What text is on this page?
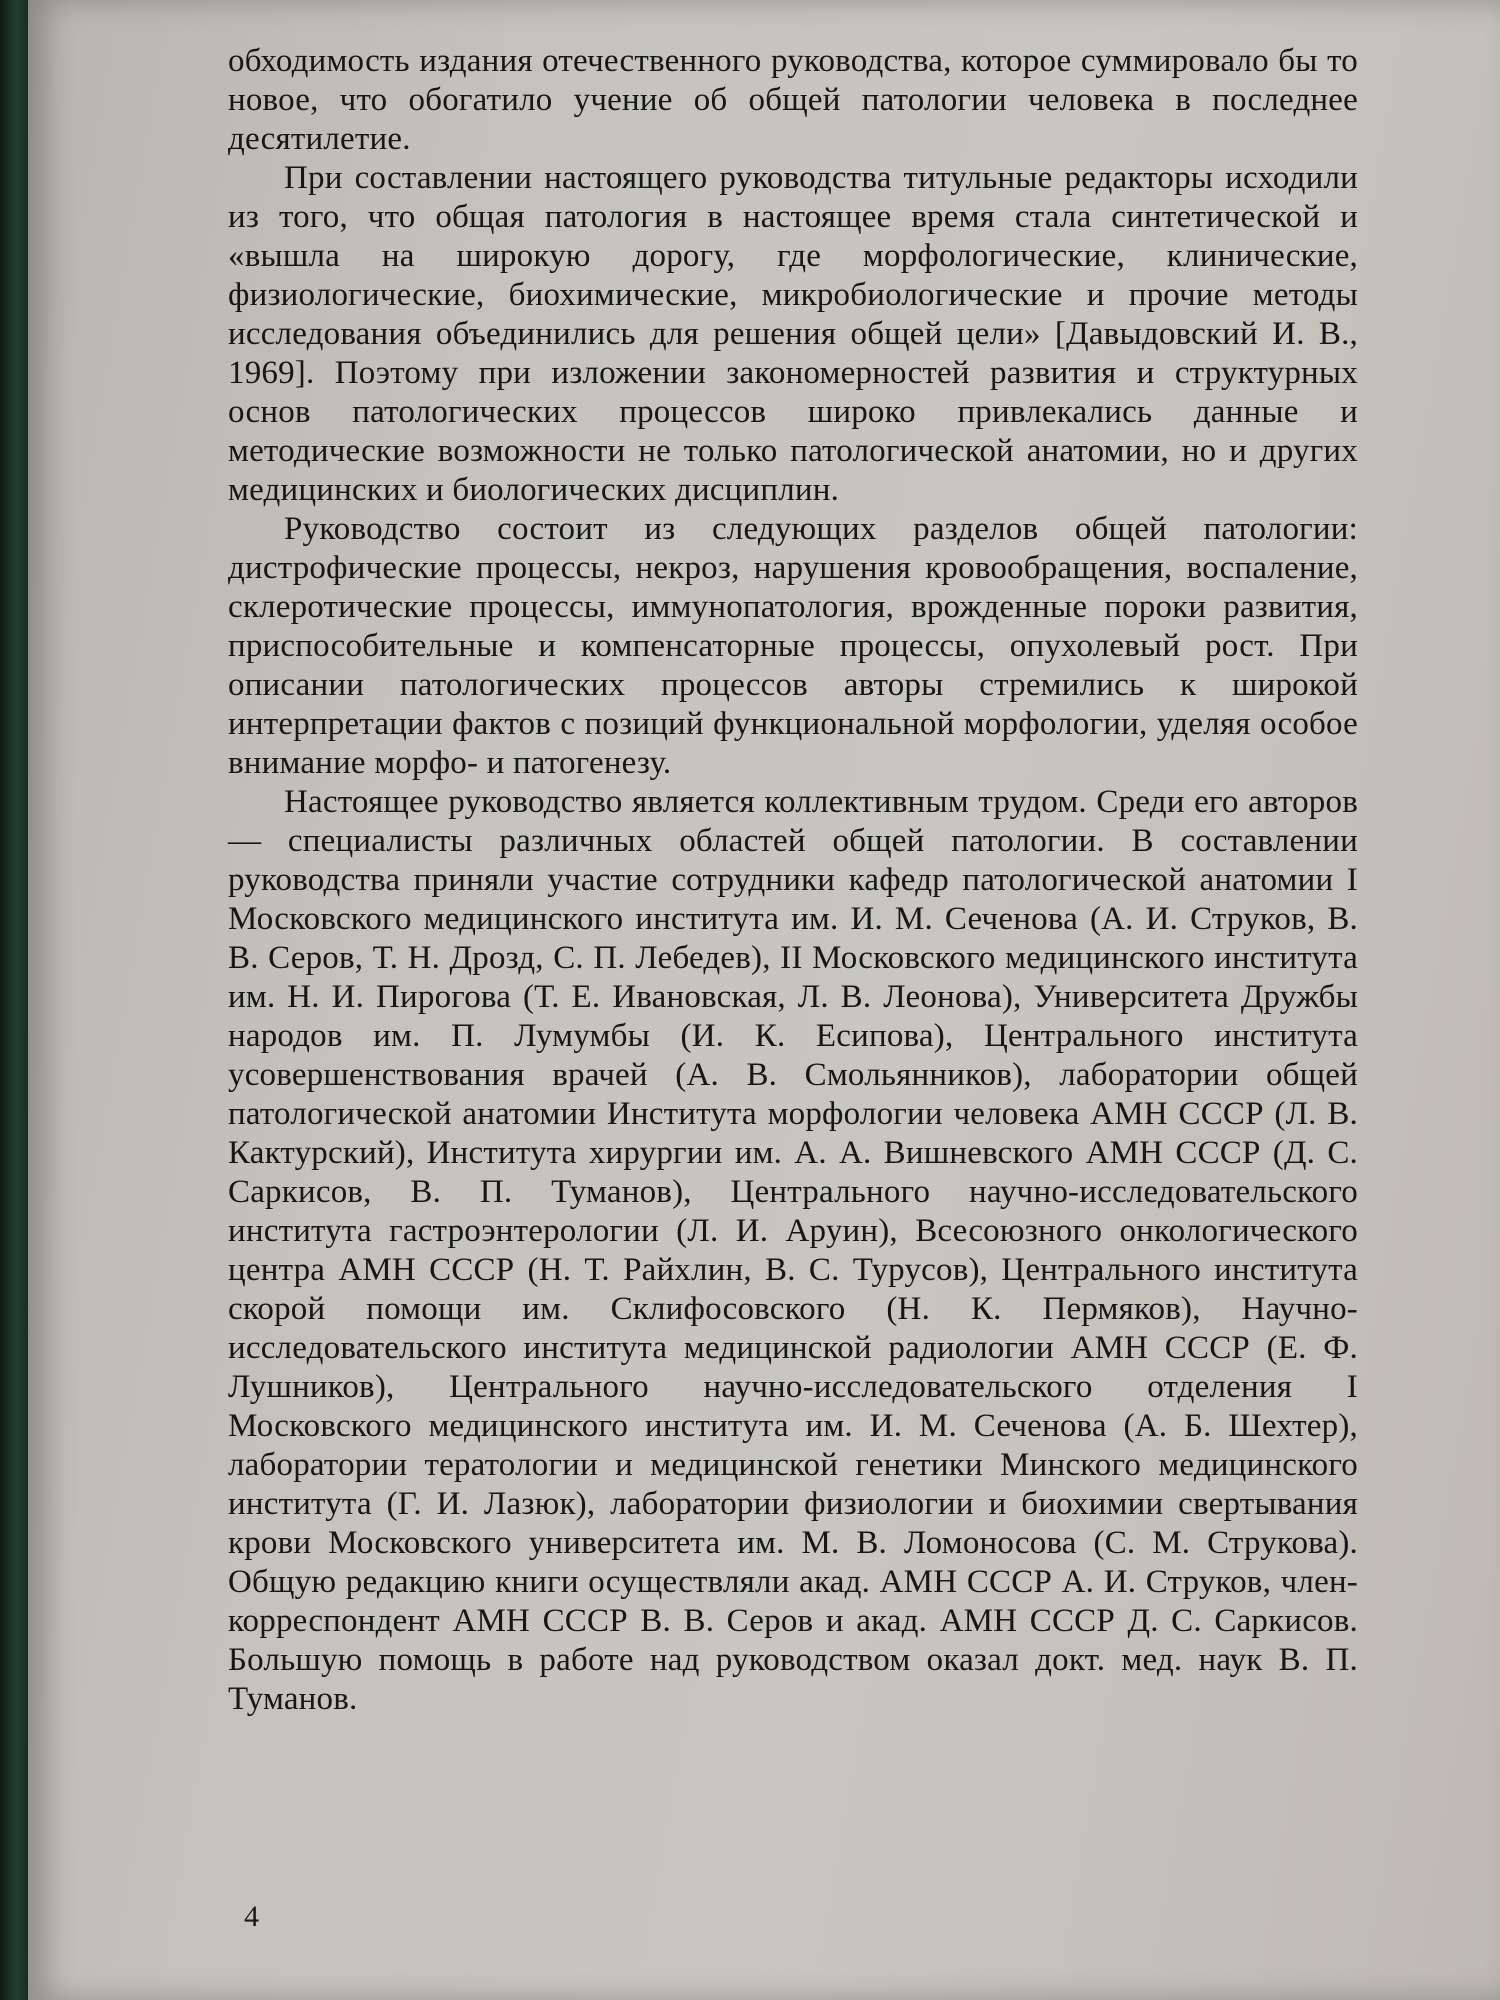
обходимость издания отечественного руководства, которое суммировало бы то новое, что обогатило учение об общей патологии человека в последнее десятилетие.

При составлении настоящего руководства титульные редакторы исходили из того, что общая патология в настоящее время стала синтетической и «вышла на широкую дорогу, где морфологические, клинические, физиологические, биохимические, микробиологические и прочие методы исследования объединились для решения общей цели» [Давыдовский И. В., 1969]. Поэтому при изложении закономерностей развития и структурных основ патологических процессов широко привлекались данные и методические возможности не только патологической анатомии, но и других медицинских и биологических дисциплин.

Руководство состоит из следующих разделов общей патологии: дистрофические процессы, некроз, нарушения кровообращения, воспаление, склеротические процессы, иммунопатология, врожденные пороки развития, приспособительные и компенсаторные процессы, опухолевый рост. При описании патологических процессов авторы стремились к широкой интерпретации фактов с позиций функциональной морфологии, уделяя особое внимание морфо- и патогенезу.

Настоящее руководство является коллективным трудом. Среди его авторов — специалисты различных областей общей патологии. В составлении руководства приняли участие сотрудники кафедр патологической анатомии I Московского медицинского института им. И. М. Сеченова (А. И. Струков, В. В. Серов, Т. Н. Дрозд, С. П. Лебедев), II Московского медицинского института им. Н. И. Пирогова (Т. Е. Ивановская, Л. В. Леонова), Университета Дружбы народов им. П. Лумумбы (И. К. Есипова), Центрального института усовершенствования врачей (А. В. Смольянников), лаборатории общей патологической анатомии Института морфологии человека АМН СССР (Л. В. Кактурский), Института хирургии им. А. А. Вишневского АМН СССР (Д. С. Саркисов, В. П. Туманов), Центрального научно-исследовательского института гастроэнтерологии (Л. И. Аруин), Всесоюзного онкологического центра АМН СССР (Н. Т. Райхлин, В. С. Турусов), Центрального института скорой помощи им. Склифосовского (Н. К. Пермяков), Научно-исследовательского института медицинской радиологии АМН СССР (Е. Ф. Лушников), Центрального научно-исследовательского отделения I Московского медицинского института им. И. М. Сеченова (А. Б. Шехтер), лаборатории тератологии и медицинской генетики Минского медицинского института (Г. И. Лазюк), лаборатории физиологии и биохимии свертывания крови Московского университета им. М. В. Ломоносова (С. М. Струкова). Общую редакцию книги осуществляли акад. АМН СССР А. И. Струков, член-корреспондент АМН СССР В. В. Серов и акад. АМН СССР Д. С. Саркисов. Большую помощь в работе над руководством оказал докт. мед. наук В. П. Туманов.

4
